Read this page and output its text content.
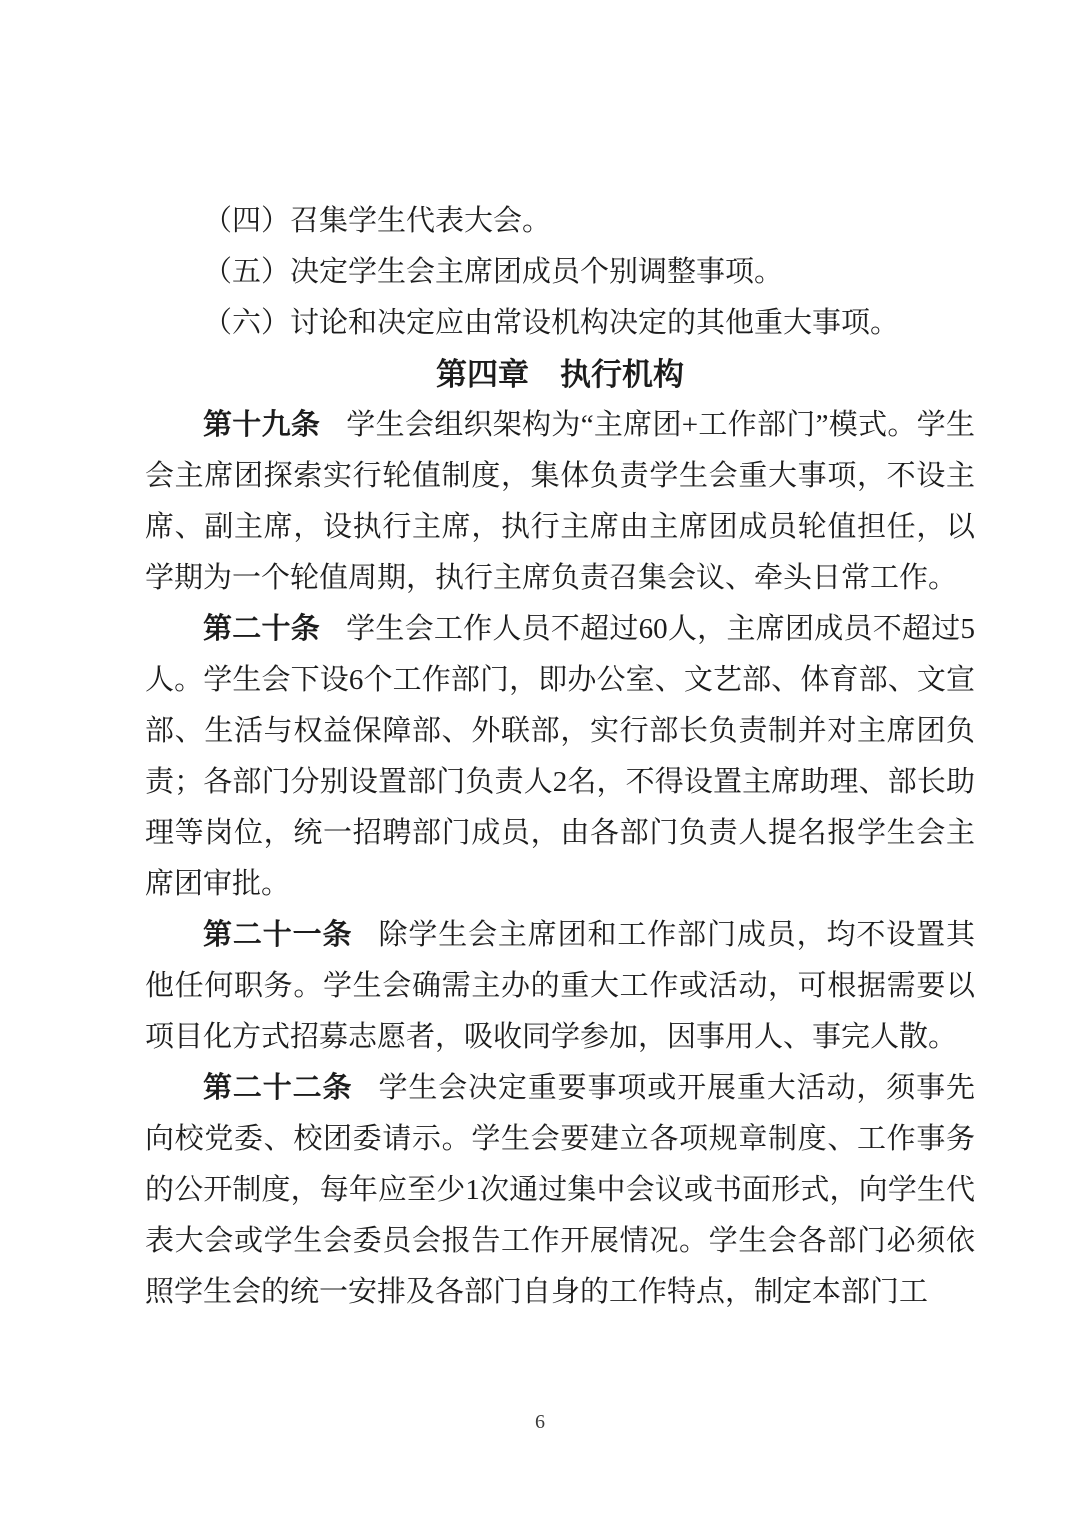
（四）召集学生代表大会。

（五）决定学生会主席团成员个别调整事项。

（六）讨论和决定应由常设机构决定的其他重大事项。

第四章　执行机构

第十九条 学生会组织架构为“主席团+工作部门”模式。学生会主席团探索实行轮值制度，集体负责学生会重大事项，不设主席、副主席，设执行主席，执行主席由主席团成员轮值担任，以学期为一个轮值周期，执行主席负责召集会议、牵头日常工作。

第二十条 学生会工作人员不超过60人，主席团成员不超过5人。学生会下设6个工作部门，即办公室、文艺部、体育部、文宣部、生活与权益保障部、外联部，实行部长负责制并对主席团负责；各部门分别设置部门负责人2名，不得设置主席助理、部长助理等岗位，统一招聘部门成员，由各部门负责人提名报学生会主席团审批。

第二十一条 除学生会主席团和工作部门成员，均不设置其他任何职务。学生会确需主办的重大工作或活动，可根据需要以项目化方式招募志愿者，吸收同学参加，因事用人、事完人散。

第二十二条 学生会决定重要事项或开展重大活动，须事先向校党委、校团委请示。学生会要建立各项规章制度、工作事务的公开制度，每年应至少1次通过集中会议或书面形式，向学生代表大会或学生会委员会报告工作开展情况。学生会各部门必须依照学生会的统一安排及各部门自身的工作特点，制定本部门工

6
